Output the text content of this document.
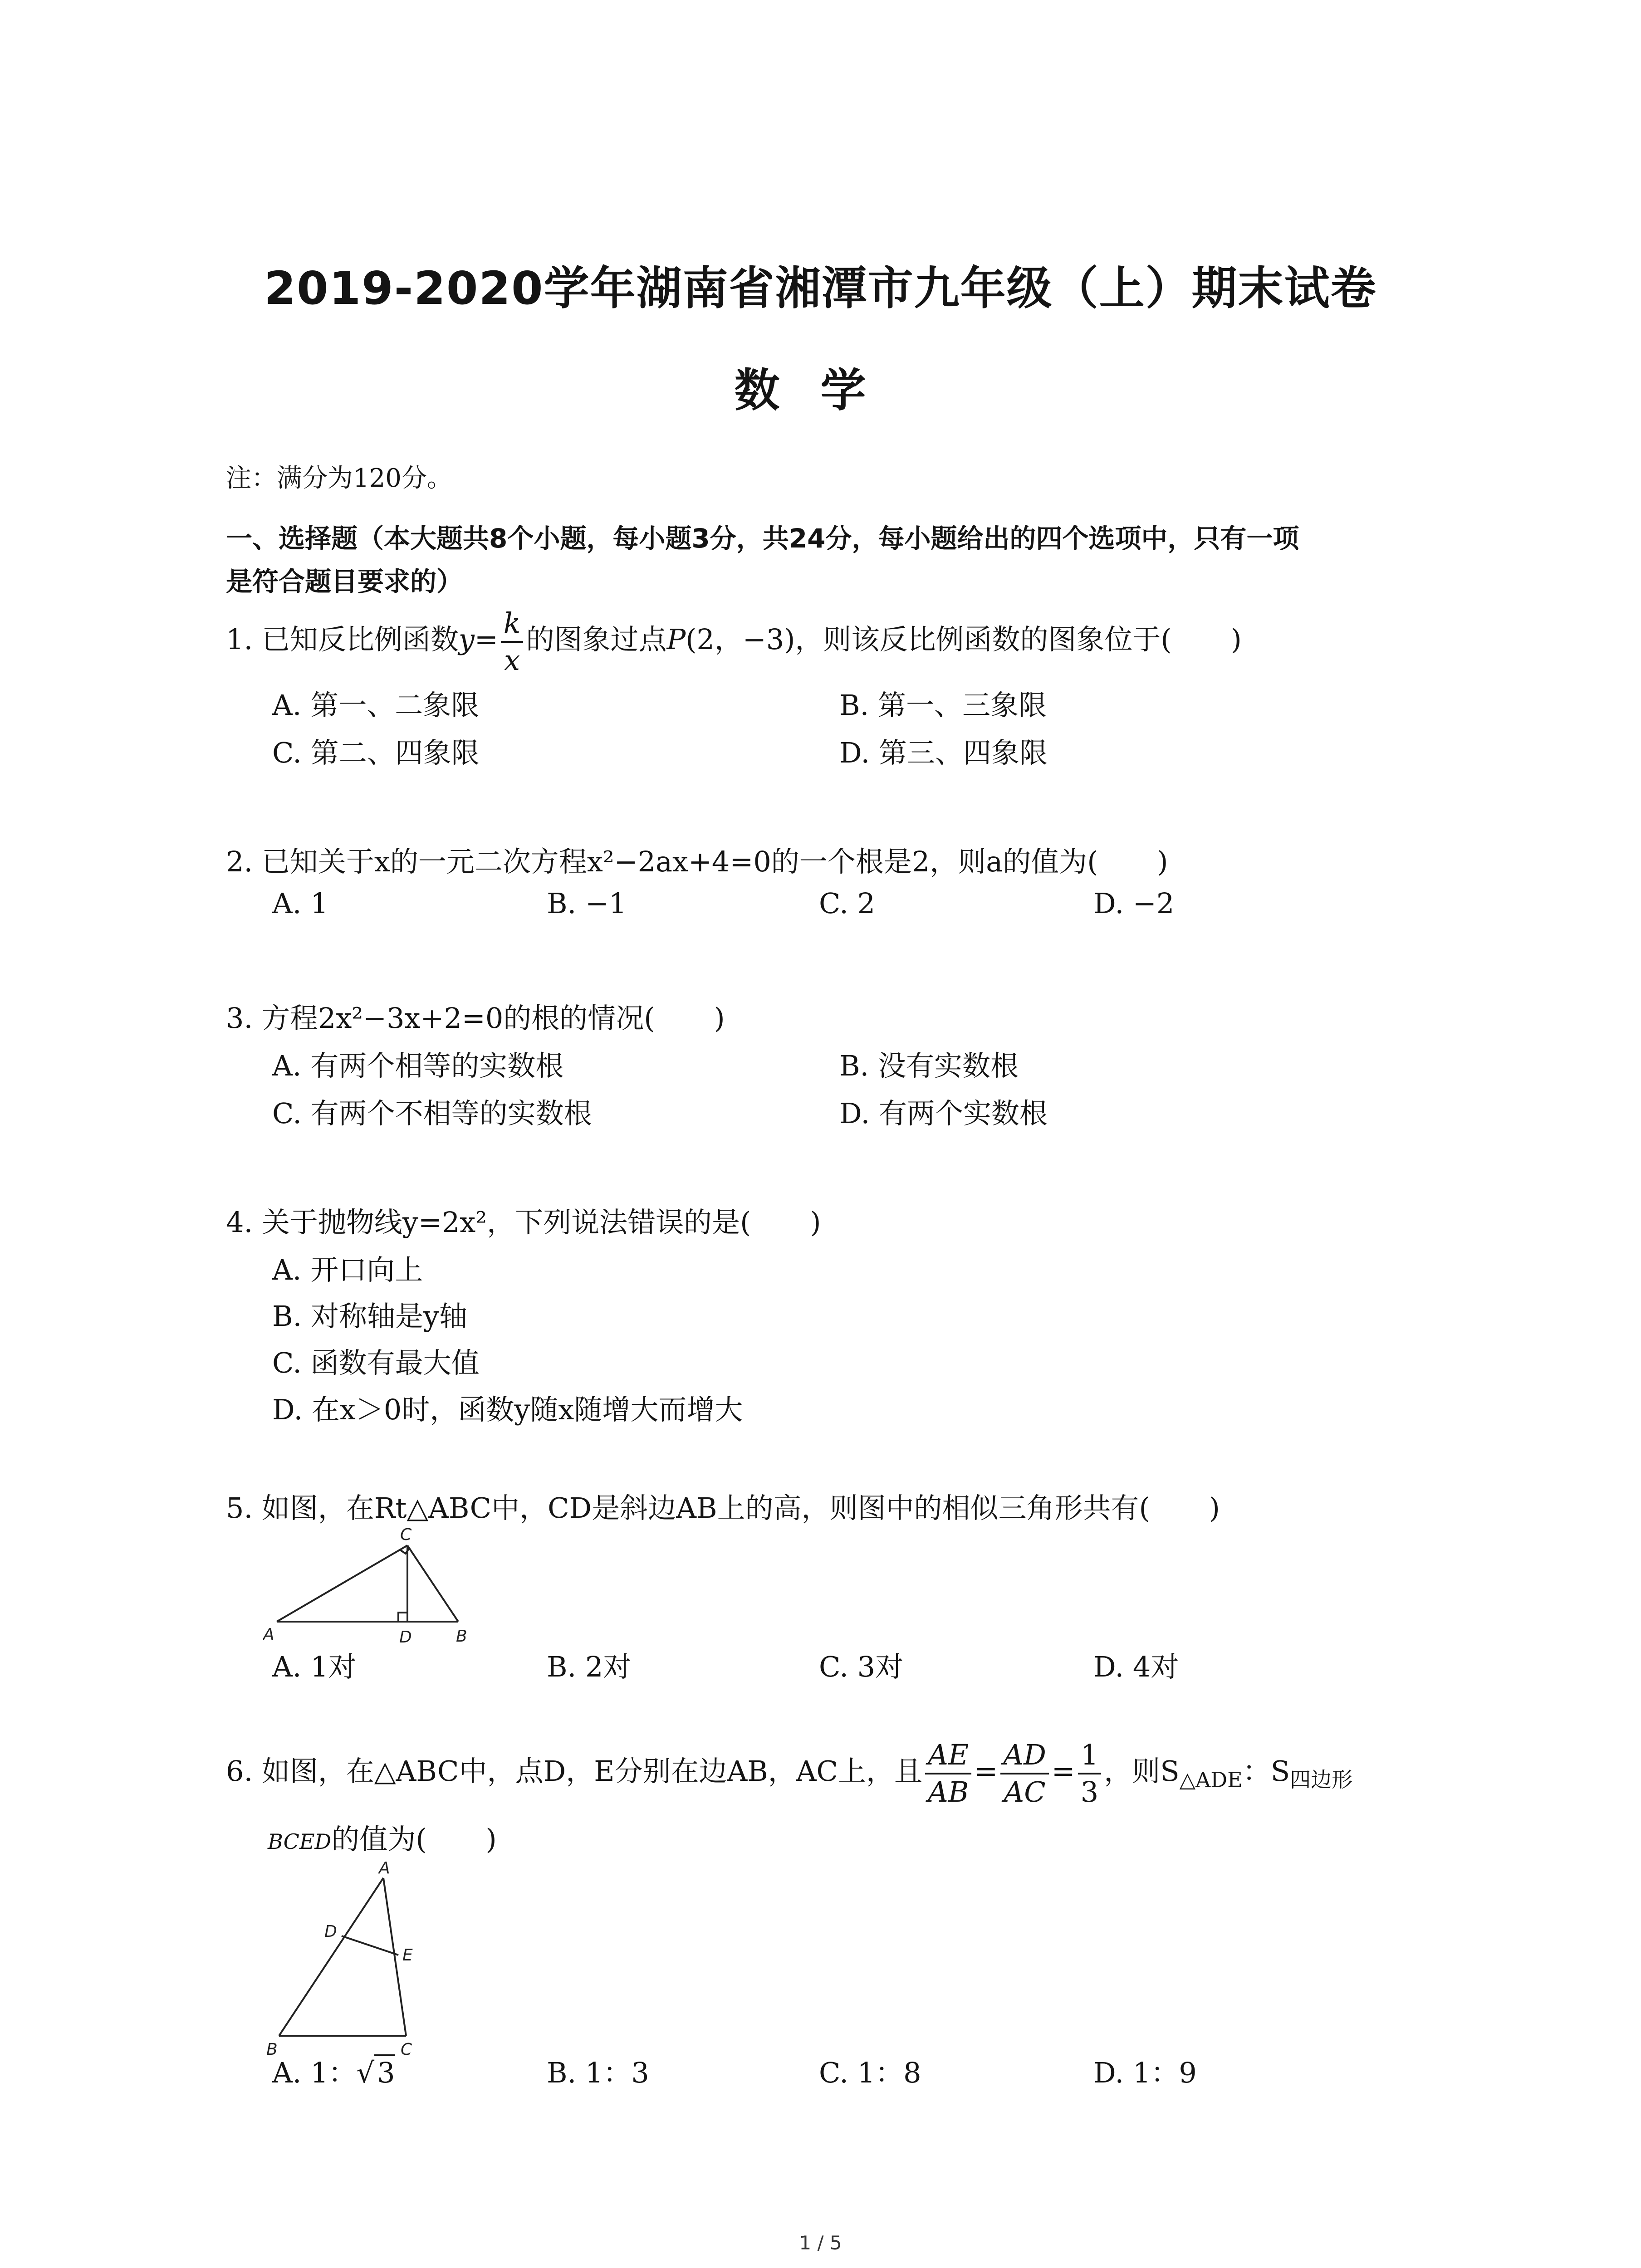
2019-2020学年湖南省湘潭市九年级（上）期末试卷
数学
注：满分为120分。
一、选择题（本大题共8个小题，每小题3分，共24分，每小题给出的四个选项中，只有一项
是符合题目要求的）
1. 已知反比例函数$y= \frac{k}{x}$ 的图象过点P(2，−3)，则该反比例函数的图象位于( )
A. 第一、二象限	B. 第一、三象限
C. 第二、四象限	D. 第三、四象限
2. 已知关于x的一元二次方程x²−2ax+4=0的一个根是2，则a的值为( )
A. 1	B. −1	C. 2	D. −2
3. 方程2x²−3x+2=0的根的情况( )
A. 有两个相等的实数根	B. 没有实数根
C. 有两个不相等的实数根	D. 有两个实数根
4. 关于抛物线y=2x²，下列说法错误的是( )
A. 开口向上
B. 对称轴是y轴
C. 函数有最大值
D. 在x＞0时，函数y随x随增大而增大
5. 如图，在Rt△ABC中，CD是斜边AB上的高，则图中的相似三角形共有( )
A	D	B
C
A. 1对	B. 2对	C. 3对	D. 4对
6. 如图，在△ABC中，点D，E分别在边AB，AC上，且 $\frac{AE}{AB} = \frac{AD}{AC} = \frac{1}{3}$ ，则$S_{\triangle ADE}$：$S_{四边形}$
BCED的值为( )
A
D
E
B	C
A. 1：√3	B. 1：3	C. 1：8	D. 1：9
1 / 5
